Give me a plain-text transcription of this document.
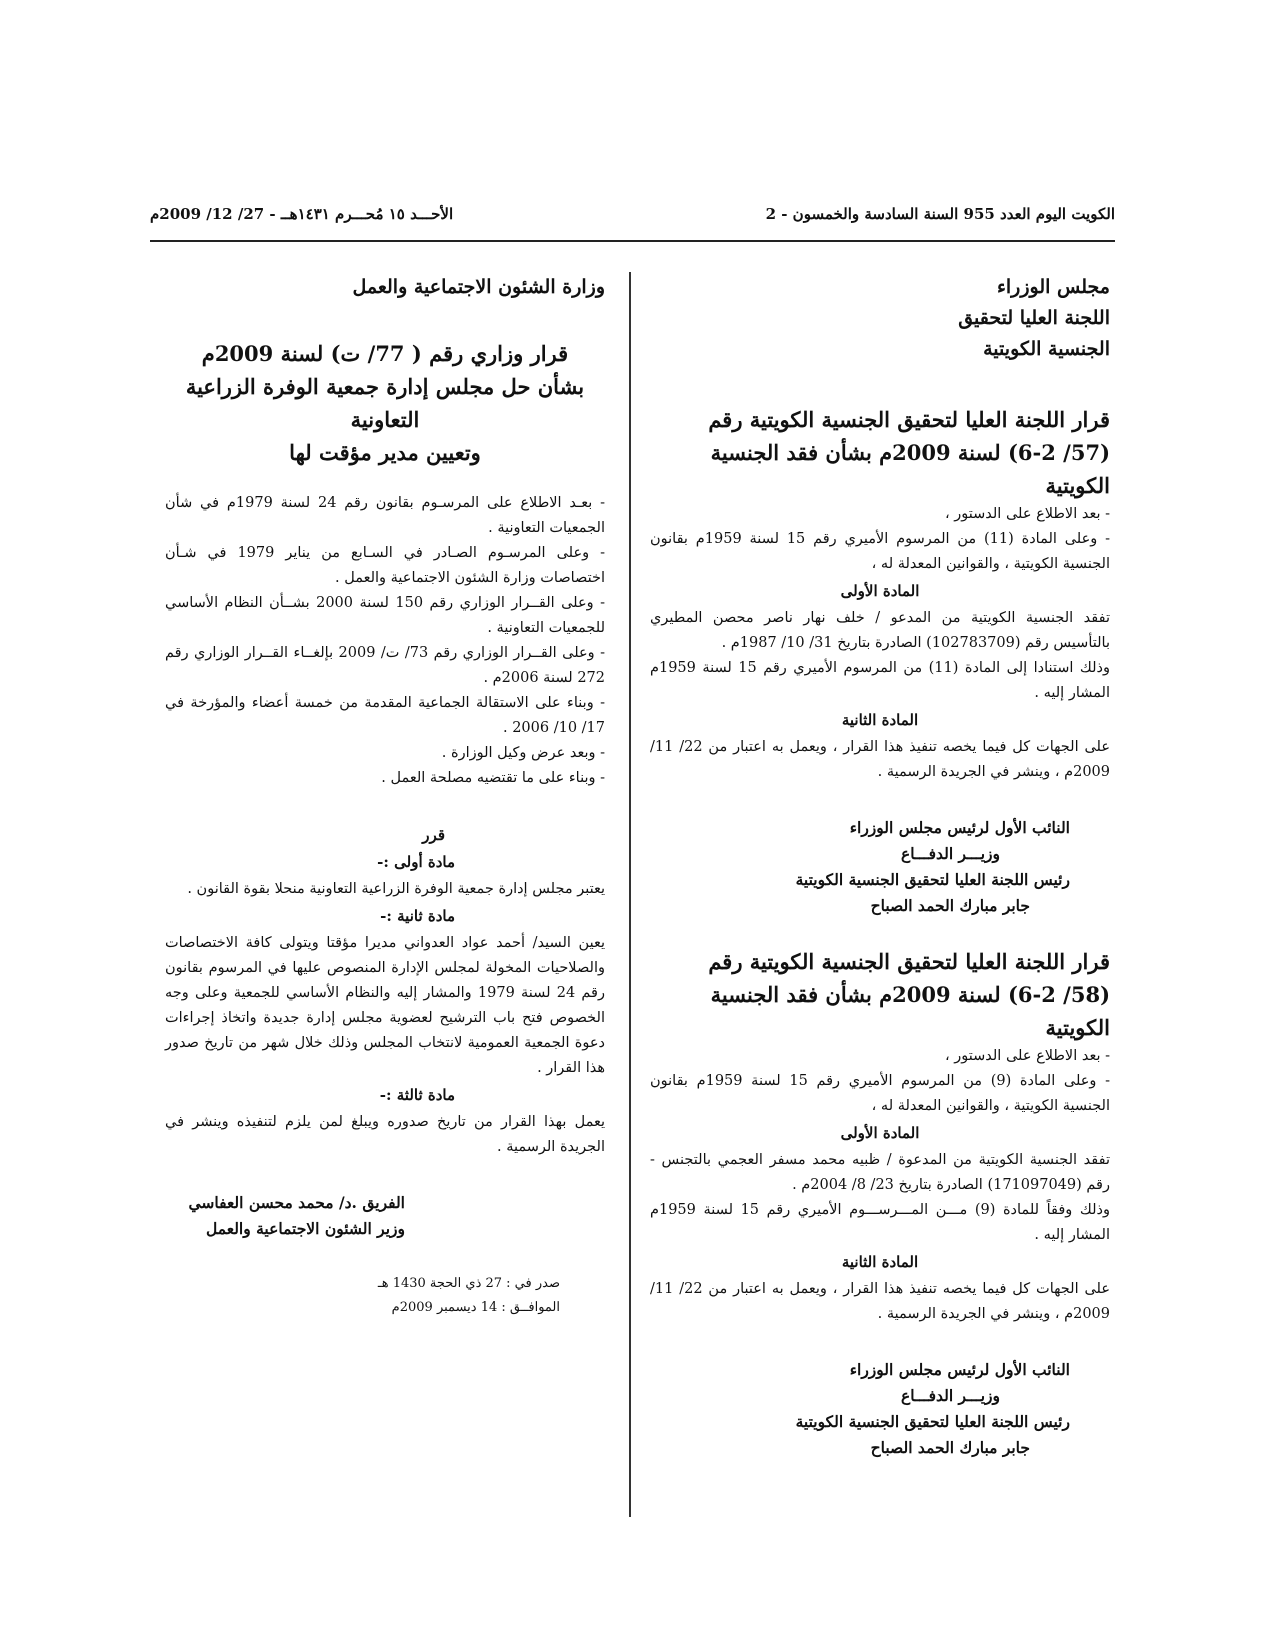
الكويت اليوم العدد 955 السنة السادسة والخمسون - 2
الأحـــد ١٥ مُحـــرم ١٤٣١هــ - 27/ 12/ 2009م

مجلس الوزراء

اللجنة العليا لتحقيق

الجنسية الكويتية

قرار اللجنة العليا لتحقيق الجنسية الكويتية رقم

(57/ 6-2) لسنة 2009م بشأن فقد الجنسية الكويتية

- بعد الاطلاع على الدستور ،

- وعلى المادة (11) من المرسوم الأميري رقم 15 لسنة 1959م بقانون الجنسية الكويتية ، والقوانين المعدلة له ،

المادة الأولى

تفقد الجنسية الكويتية من المدعو / خلف نهار ناصر محصن المطيري بالتأسيس رقم (102783709) الصادرة بتاريخ 31/ 10/ 1987م .

وذلك استنادا إلى المادة (11) من المرسوم الأميري رقم 15 لسنة 1959م المشار إليه .

المادة الثانية

على الجهات كل فيما يخصه تنفيذ هذا القرار ، ويعمل به اعتبار من 22/ 11/ 2009م ، وينشر في الجريدة الرسمية .

النائب الأول لرئيس مجلس الوزراء

وزيـــر الدفـــاع

رئيس اللجنة العليا لتحقيق الجنسية الكويتية

جابر مبارك الحمد الصباح

قرار اللجنة العليا لتحقيق الجنسية الكويتية رقم

(58/ 6-2) لسنة 2009م بشأن فقد الجنسية الكويتية

- بعد الاطلاع على الدستور ،

- وعلى المادة (9) من المرسوم الأميري رقم 15 لسنة 1959م بقانون الجنسية الكويتية ، والقوانين المعدلة له ،

المادة الأولى

تفقد الجنسية الكويتية من المدعوة / ظبيه محمد مسفر العجمي بالتجنس - رقم (171097049) الصادرة بتاريخ 23/ 8/ 2004م .

وذلك وفقاً للمادة (9) مـــن المـــرســـوم الأميري رقم 15 لسنة 1959م المشار إليه .

المادة الثانية

على الجهات كل فيما يخصه تنفيذ هذا القرار ، ويعمل به اعتبار من 22/ 11/ 2009م ، وينشر في الجريدة الرسمية .

النائب الأول لرئيس مجلس الوزراء

وزيـــر الدفـــاع

رئيس اللجنة العليا لتحقيق الجنسية الكويتية

جابر مبارك الحمد الصباح

وزارة الشئون الاجتماعية والعمل

قرار وزاري رقم ( 77/ ت) لسنة 2009م

بشأن حل مجلس إدارة جمعية الوفرة الزراعية التعاونية

وتعيين مدير مؤقت لها

- بعـد الاطلاع على المرسـوم بقانون رقم 24 لسنة 1979م في شأن الجمعيات التعاونية .

- وعلى المرسـوم الصـادر في السـابع من يناير 1979 في شـأن اختصاصات وزارة الشئون الاجتماعية والعمل .

- وعلى القــرار الوزاري رقم 150 لسنة 2000 بشــأن النظام الأساسي للجمعيات التعاونية .

- وعلى القــرار الوزاري رقم 73/ ت/ 2009 بإلغــاء القــرار الوزاري رقم 272 لسنة 2006م .

- وبناء على الاستقالة الجماعية المقدمة من خمسة أعضاء والمؤرخة في 17/ 10/ 2006 .

- وبعد عرض وكيل الوزارة .

- وبناء على ما تقتضيه مصلحة العمل .

قرر

مادة أولى :-

يعتبر مجلس إدارة جمعية الوفرة الزراعية التعاونية منحلا بقوة القانون .

مادة ثانية :-

يعين السيد/ أحمد عواد العدواني مديرا مؤقتا ويتولى كافة الاختصاصات والصلاحيات المخولة لمجلس الإدارة المنصوص عليها في المرسوم بقانون رقم 24 لسنة 1979 والمشار إليه والنظام الأساسي للجمعية وعلى وجه الخصوص فتح باب الترشيح لعضوية مجلس إدارة جديدة واتخاذ إجراءات دعوة الجمعية العمومية لانتخاب المجلس وذلك خلال شهر من تاريخ صدور هذا القرار .

مادة ثالثة :-

يعمل بهذا القرار من تاريخ صدوره ويبلغ لمن يلزم لتنفيذه وينشر في الجريدة الرسمية .

الفريق .د/ محمد محسن العفاسي

وزير الشئون الاجتماعية والعمل

صدر في : 27 ذي الحجة 1430 هـ

الموافــق : 14 ديسمبر 2009م
